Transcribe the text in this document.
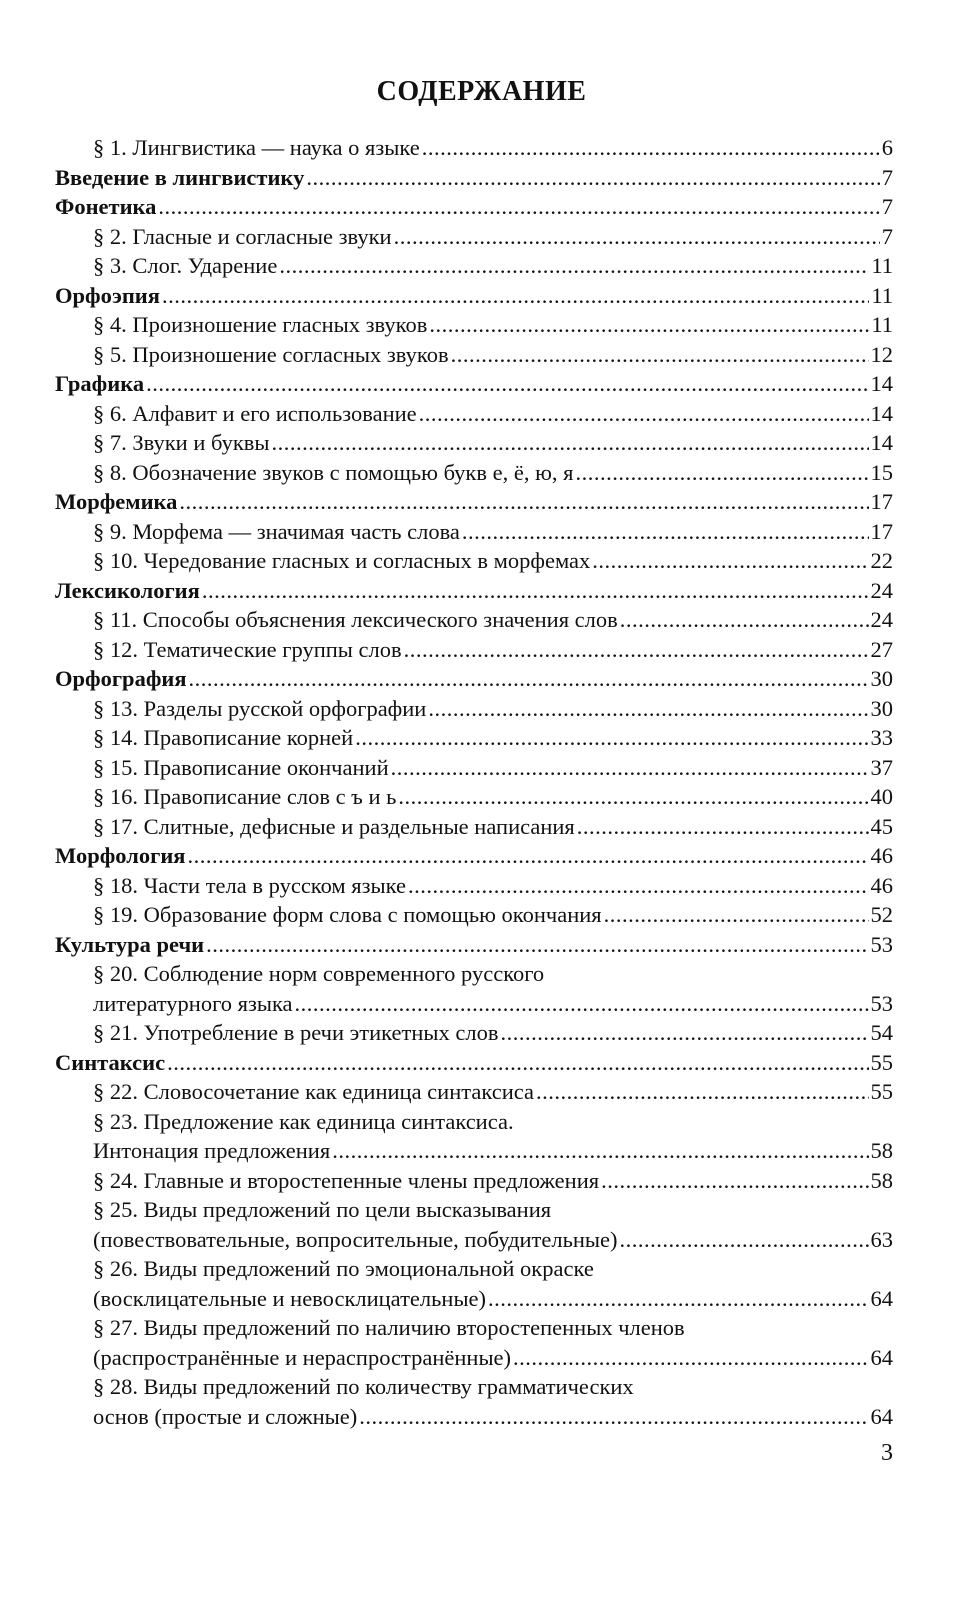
СОДЕРЖАНИЕ
§ 1. Лингвистика — наука о языке .....	6
Введение в лингвистику .....	7
Фонетика .....	7
§ 2. Гласные и согласные звуки .....	7
§ 3. Слог. Ударение .....	11
Орфоэпия .....	11
§ 4. Произношение гласных звуков .....	11
§ 5. Произношение согласных звуков .....	12
Графика .....	14
§ 6. Алфавит и его использование .....	14
§ 7. Звуки и буквы .....	14
§ 8. Обозначение звуков с помощью букв е, ё, ю, я .....	15
Морфемика .....	17
§ 9. Морфема — значимая часть слова .....	17
§ 10. Чередование гласных и согласных в морфемах .....	22
Лексикология .....	24
§ 11. Способы объяснения лексического значения слов .....	24
§ 12. Тематические группы слов .....	27
Орфография .....	30
§ 13. Разделы русской орфографии .....	30
§ 14. Правописание корней .....	33
§ 15. Правописание окончаний .....	37
§ 16. Правописание слов с ъ и ь .....	40
§ 17. Слитные, дефисные и раздельные написания .....	45
Морфология .....	46
§ 18. Части тела в русском языке .....	46
§ 19. Образование форм слова с помощью окончания .....	52
Культура речи .....	53
§ 20. Соблюдение норм современного русского
литературного языка .....	53
§ 21. Употребление в речи этикетных слов .....	54
Синтаксис .....	55
§ 22. Словосочетание как единица синтаксиса .....	55
§ 23. Предложение как единица синтаксиса.
Интонация предложения .....	58
§ 24. Главные и второстепенные члены предложения .....	58
§ 25. Виды предложений по цели высказывания
(повествовательные, вопросительные, побудительные) .....	63
§ 26. Виды предложений по эмоциональной окраске
(восклицательные и невосклицательные) .....	64
§ 27. Виды предложений по наличию второстепенных членов
(распространённые и нераспространённые) .....	64
§ 28. Виды предложений по количеству грамматических
основ (простые и сложные) .....	64
3
